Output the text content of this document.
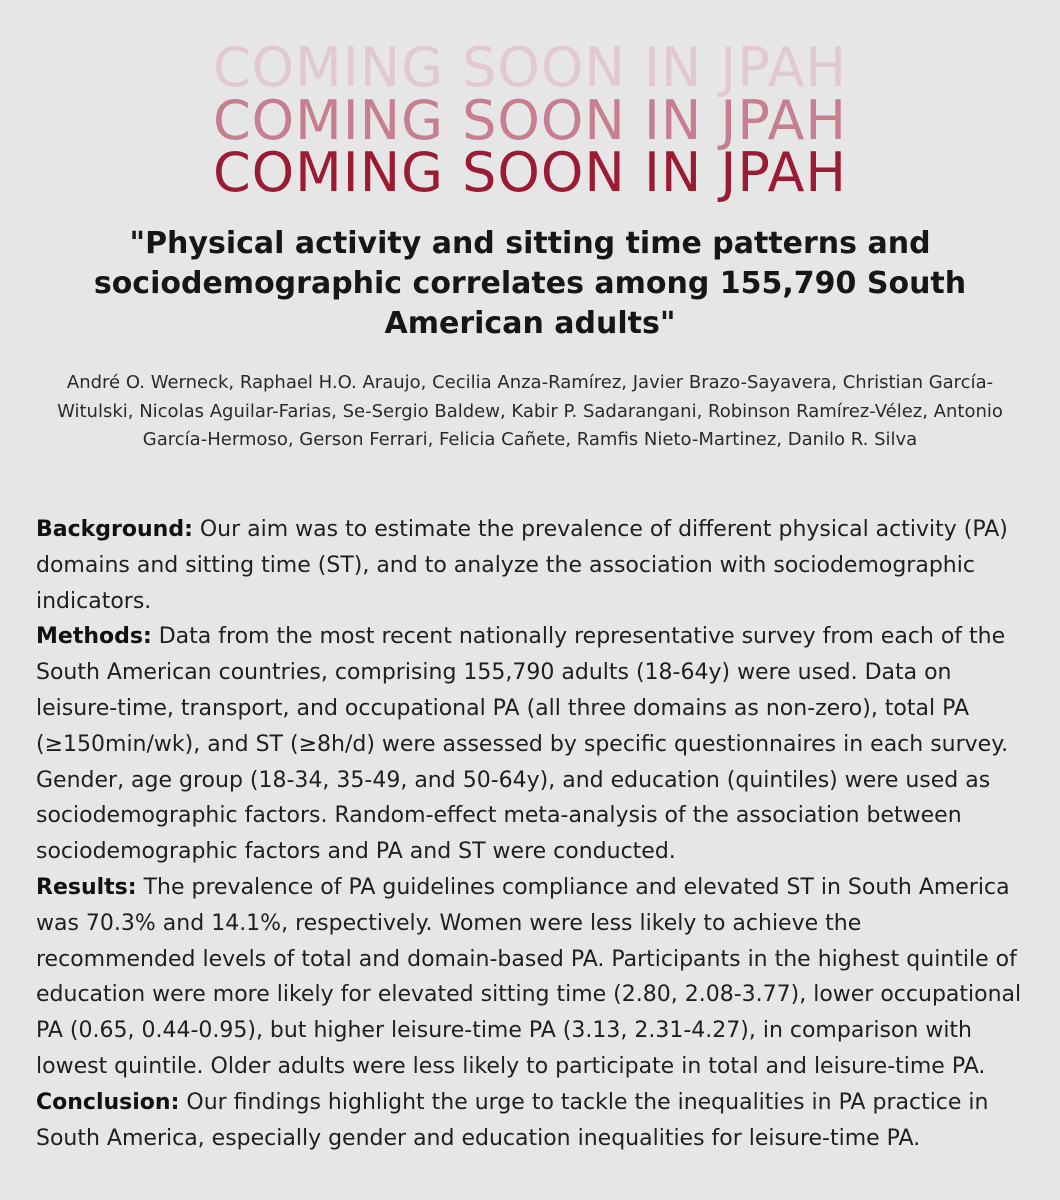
COMING SOON IN JPAH
COMING SOON IN JPAH
COMING SOON IN JPAH
"Physical activity and sitting time patterns and sociodemographic correlates among 155,790 South American adults"

André O. Werneck, Raphael H.O. Araujo, Cecilia Anza-Ramírez, Javier Brazo-Sayavera, Christian García-Witulski, Nicolas Aguilar-Farias, Se-Sergio Baldew, Kabir P. Sadarangani, Robinson Ramírez-Vélez, Antonio García-Hermoso, Gerson Ferrari, Felicia Cañete, Ramfis Nieto-Martinez, Danilo R. Silva

Background: Our aim was to estimate the prevalence of different physical activity (PA) domains and sitting time (ST), and to analyze the association with sociodemographic indicators.

Methods: Data from the most recent nationally representative survey from each of the South American countries, comprising 155,790 adults (18-64y) were used. Data on leisure-time, transport, and occupational PA (all three domains as non-zero), total PA (≥150min/wk), and ST (≥8h/d) were assessed by specific questionnaires in each survey. Gender, age group (18-34, 35-49, and 50-64y), and education (quintiles) were used as sociodemographic factors. Random-effect meta-analysis of the association between sociodemographic factors and PA and ST were conducted.

Results: The prevalence of PA guidelines compliance and elevated ST in South America was 70.3% and 14.1%, respectively. Women were less likely to achieve the recommended levels of total and domain-based PA. Participants in the highest quintile of education were more likely for elevated sitting time (2.80, 2.08-3.77), lower occupational PA (0.65, 0.44-0.95), but higher leisure-time PA (3.13, 2.31-4.27), in comparison with lowest quintile. Older adults were less likely to participate in total and leisure-time PA.

Conclusion: Our findings highlight the urge to tackle the inequalities in PA practice in South America, especially gender and education inequalities for leisure-time PA.
